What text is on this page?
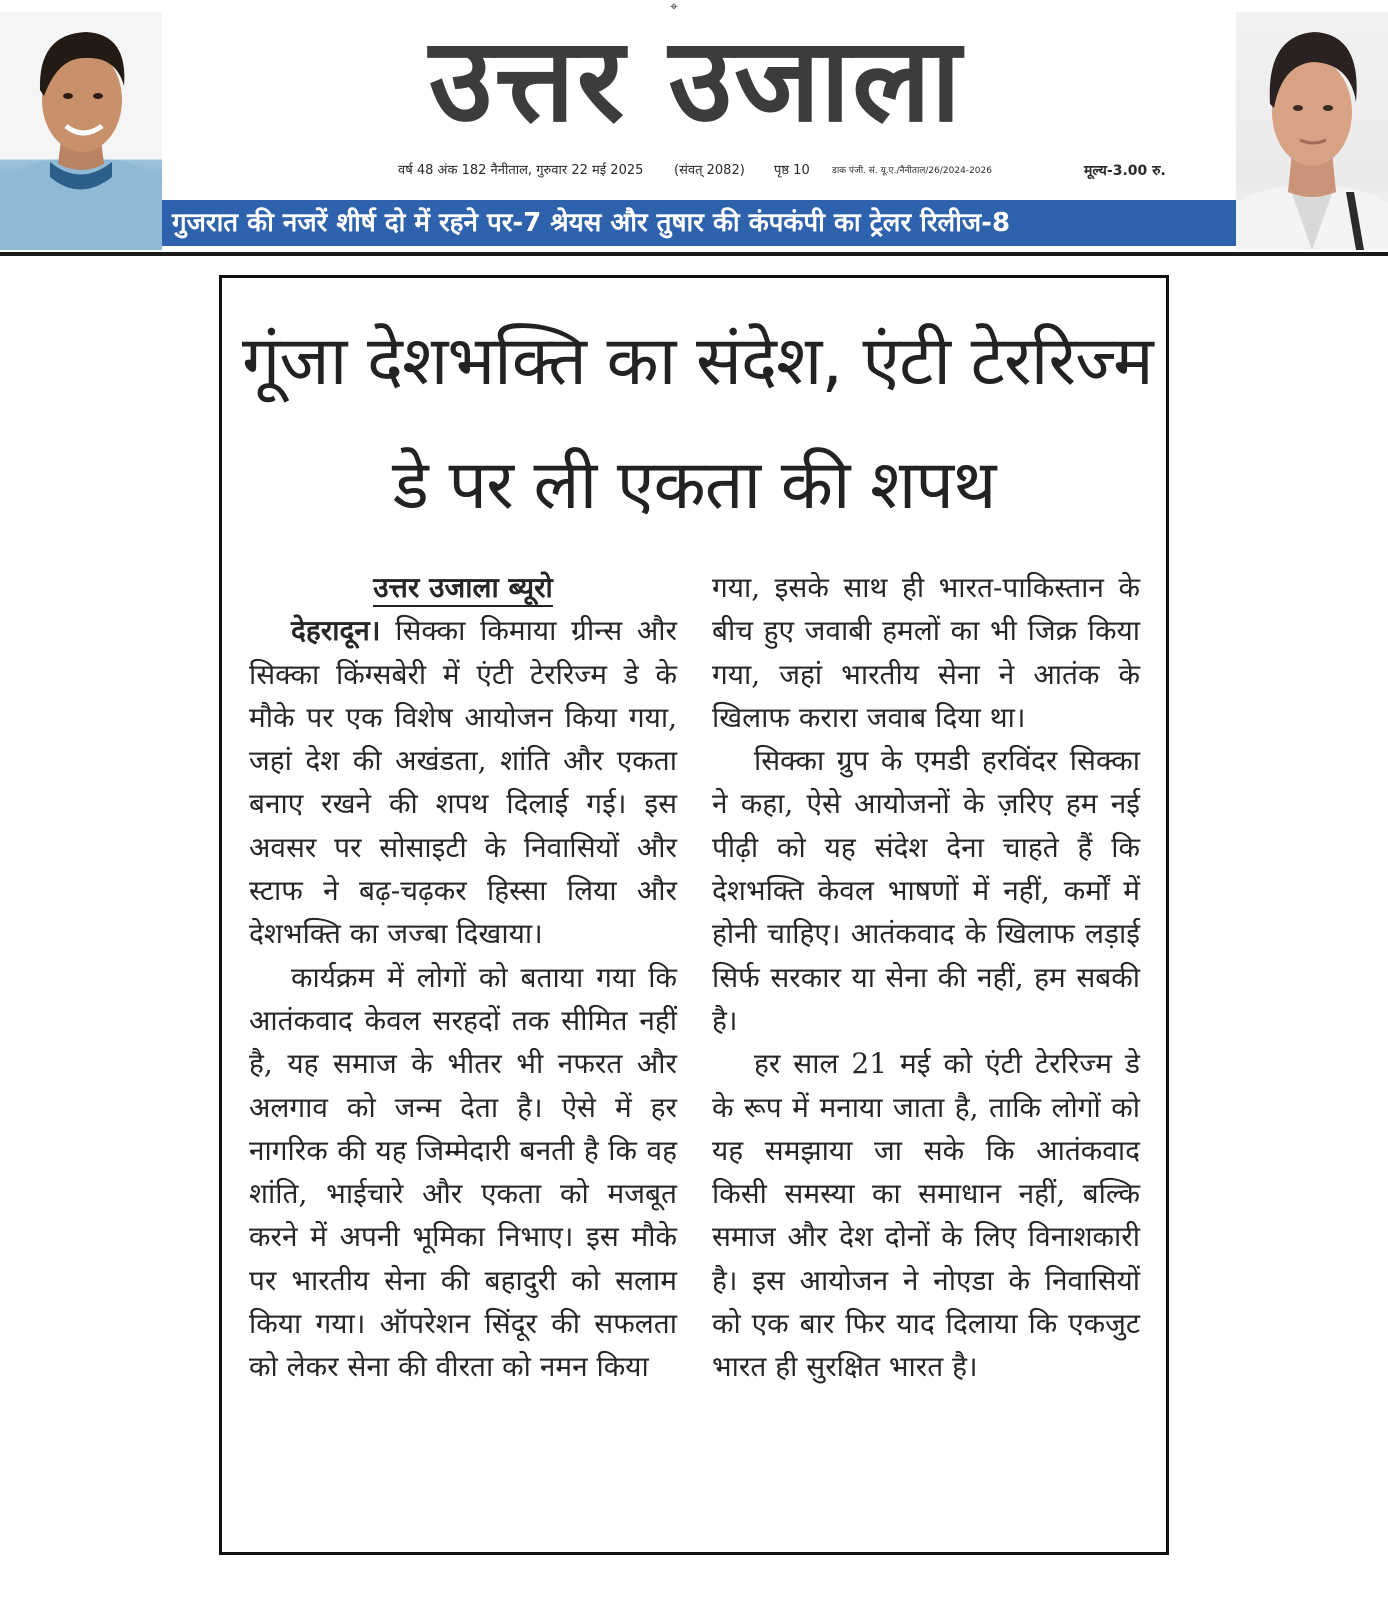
⌖
उत्तर उजाला
वर्ष 48 अंक 182 नैनीताल, गुरुवार 22 मई 2025 (संवत् 2082) पृष्ठ 10 डाक पंजी. सं. यू.ए./नैनीताल/26/2024-2026	मूल्य-3.00 रु.
गुजरात की नजरें शीर्ष दो में रहने पर-7 श्रेयस और तुषार की कंपकंपी का ट्रेलर रिलीज-8
गूंजा देशभक्ति का संदेश, एंटी टेररिज्म
डे पर ली एकता की शपथ

उत्तर उजाला ब्यूरो

देहरादून। सिक्का किमाया ग्रीन्स और सिक्का किंग्सबेरी में एंटी टेररिज्म डे के मौके पर एक विशेष आयोजन किया गया, जहां देश की अखंडता, शांति और एकता बनाए रखने की शपथ दिलाई गई। इस अवसर पर सोसाइटी के निवासियों और स्टाफ ने बढ़-चढ़कर हिस्सा लिया और देशभक्ति का जज्बा दिखाया।

कार्यक्रम में लोगों को बताया गया कि आतंकवाद केवल सरहदों तक सीमित नहीं है, यह समाज के भीतर भी नफरत और अलगाव को जन्म देता है। ऐसे में हर नागरिक की यह जिम्मेदारी बनती है कि वह शांति, भाईचारे और एकता को मजबूत करने में अपनी भूमिका निभाए। इस मौके पर भारतीय सेना की बहादुरी को सलाम किया गया। ऑपरेशन सिंदूर की सफलता को लेकर सेना की वीरता को नमन किया

गया, इसके साथ ही भारत-पाकिस्तान के बीच हुए जवाबी हमलों का भी जिक्र किया गया, जहां भारतीय सेना ने आतंक के खिलाफ करारा जवाब दिया था।

सिक्का ग्रुप के एमडी हरविंदर सिक्का ने कहा, ऐसे आयोजनों के ज़रिए हम नई पीढ़ी को यह संदेश देना चाहते हैं कि देशभक्ति केवल भाषणों में नहीं, कर्मों में होनी चाहिए। आतंकवाद के खिलाफ लड़ाई सिर्फ सरकार या सेना की नहीं, हम सबकी है।

हर साल 21 मई को एंटी टेररिज्म डे के रूप में मनाया जाता है, ताकि लोगों को यह समझाया जा सके कि आतंकवाद किसी समस्या का समाधान नहीं, बल्कि समाज और देश दोनों के लिए विनाशकारी है। इस आयोजन ने नोएडा के निवासियों को एक बार फिर याद दिलाया कि एकजुट भारत ही सुरक्षित भारत है।
